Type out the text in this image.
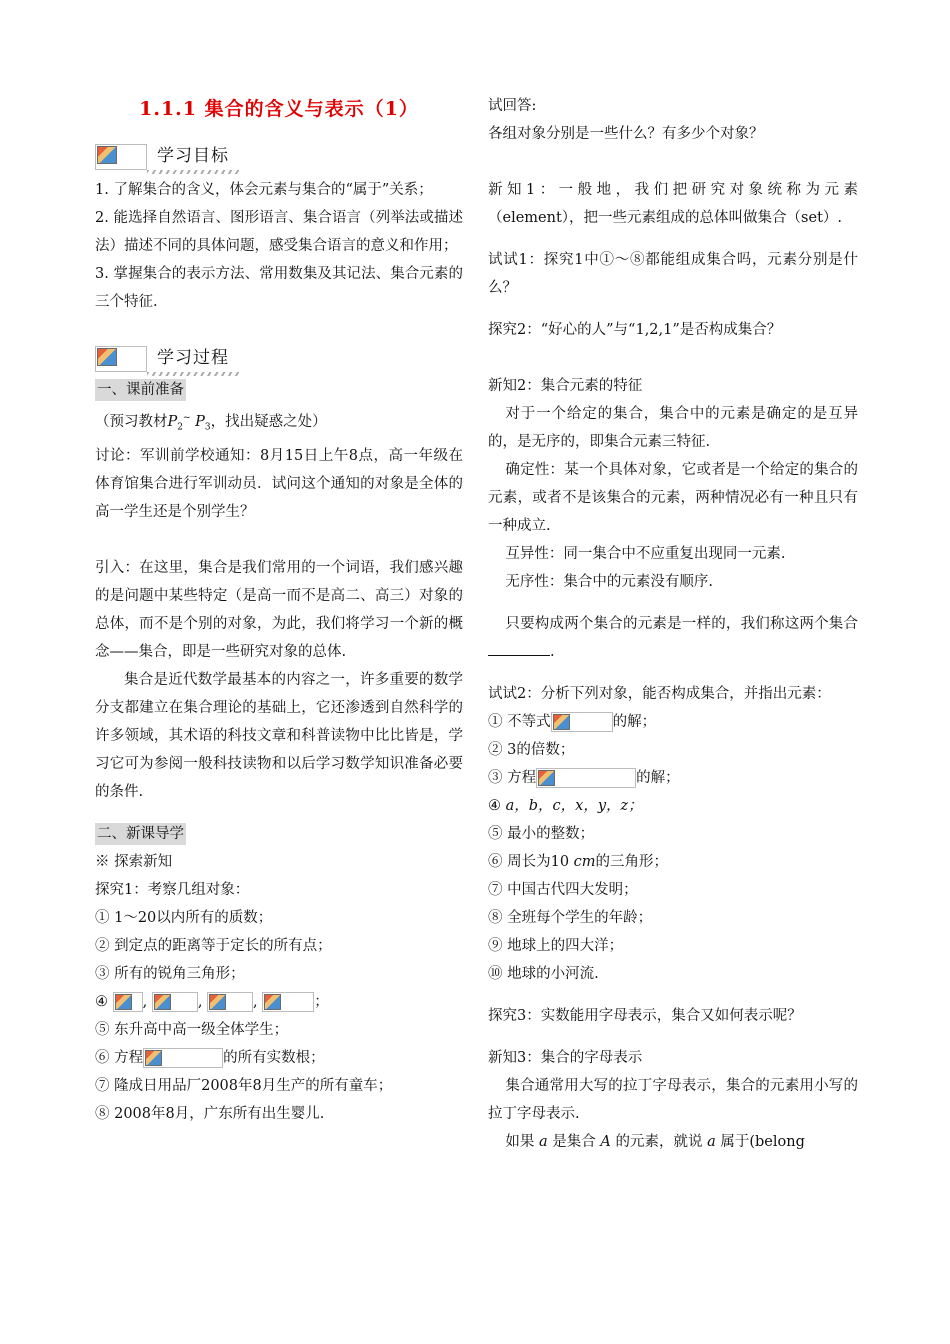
1.1.1 集合的含义与表示（1）
学习目标

1. 了解集合的含义，体会元素与集合的“属于”关系；

2. 能选择自然语言、图形语言、集合语言（列举法或描述法）描述不同的具体问题，感受集合语言的意义和作用；

3. 掌握集合的表示方法、常用数集及其记法、集合元素的三个特征.

学习过程

一、课前准备

（预习教材$P_2^\sim$ $P_3$，找出疑惑之处）

讨论：军训前学校通知：8月15日上午8点，高一年级在体育馆集合进行军训动员．试问这个通知的对象是全体的高一学生还是个别学生？

引入：在这里，集合是我们常用的一个词语，我们感兴趣的是问题中某些特定（是高一而不是高二、高三）对象的总体，而不是个别的对象，为此，我们将学习一个新的概念——集合，即是一些研究对象的总体.

集合是近代数学最基本的内容之一，许多重要的数学分支都建立在集合理论的基础上，它还渗透到自然科学的许多领域，其术语的科技文章和科普读物中比比皆是，学习它可为参阅一般科技读物和以后学习数学知识准备必要的条件.

二、新课导学

※ 探索新知

探究1：考察几组对象：

① 1～20以内所有的质数；

② 到定点的距离等于定长的所有点；

③ 所有的锐角三角形；

④ ,	,	,	；

⑤ 东升高中高一级全体学生；

⑥ 方程	的所有实数根；

⑦ 隆成日用品厂2008年8月生产的所有童车；

⑧ 2008年8月，广东所有出生婴儿.

试回答:

各组对象分别是一些什么？有多少个对象？

新知1：一般地，我们把研究对象统称为元素（element），把一些元素组成的总体叫做集合（set）.

试试1：探究1中①～⑧都能组成集合吗，元素分别是什么？

探究2：“好心的人”与“1,2,1”是否构成集合？

新知2：集合元素的特征

对于一个给定的集合，集合中的元素是确定的是互异的，是无序的，即集合元素三特征.

确定性：某一个具体对象，它或者是一个给定的集合的元素，或者不是该集合的元素，两种情况必有一种且只有一种成立.

互异性：同一集合中不应重复出现同一元素.

无序性：集合中的元素没有顺序.

只要构成两个集合的元素是一样的，我们称这两个集合.

试试2：分析下列对象，能否构成集合，并指出元素：

① 不等式	的解；

② 3的倍数；

③ 方程	的解；

④ a，b，c，x，y，z；

⑤ 最小的整数；

⑥ 周长为10 cm的三角形；

⑦ 中国古代四大发明；

⑧ 全班每个学生的年龄；

⑨ 地球上的四大洋；

⑩ 地球的小河流.

探究3：实数能用字母表示，集合又如何表示呢？

新知3：集合的字母表示

集合通常用大写的拉丁字母表示，集合的元素用小写的拉丁字母表示.

如果 a 是集合 A 的元素，就说 a 属于(belong
